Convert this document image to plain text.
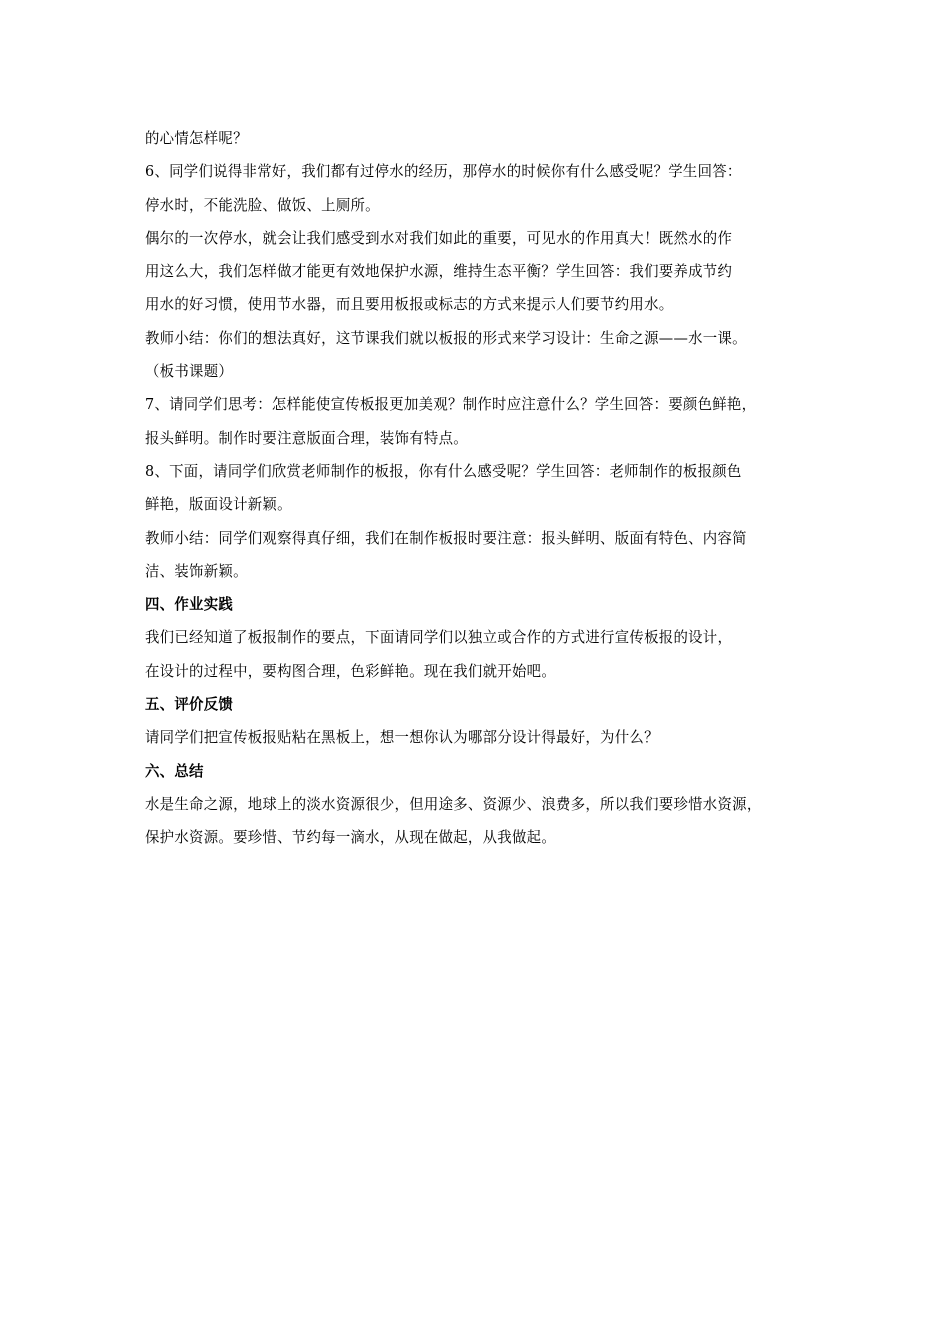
的心情怎样呢？
6、同学们说得非常好，我们都有过停水的经历，那停水的时候你有什么感受呢？学生回答：
停水时，不能洗脸、做饭、上厕所。
偶尔的一次停水，就会让我们感受到水对我们如此的重要，可见水的作用真大！既然水的作
用这么大，我们怎样做才能更有效地保护水源，维持生态平衡？学生回答：我们要养成节约
用水的好习惯，使用节水器，而且要用板报或标志的方式来提示人们要节约用水。
教师小结：你们的想法真好，这节课我们就以板报的形式来学习设计：生命之源——水一课。
（板书课题）
7、请同学们思考：怎样能使宣传板报更加美观？制作时应注意什么？学生回答：要颜色鲜艳，
报头鲜明。制作时要注意版面合理，装饰有特点。
8、下面，请同学们欣赏老师制作的板报，你有什么感受呢？学生回答：老师制作的板报颜色
鲜艳，版面设计新颖。
教师小结：同学们观察得真仔细，我们在制作板报时要注意：报头鲜明、版面有特色、内容简
洁、装饰新颖。
四、作业实践
我们已经知道了板报制作的要点，下面请同学们以独立或合作的方式进行宣传板报的设计，
在设计的过程中，要构图合理，色彩鲜艳。现在我们就开始吧。
五、评价反馈
请同学们把宣传板报贴粘在黑板上，想一想你认为哪部分设计得最好，为什么？
六、总结
水是生命之源，地球上的淡水资源很少，但用途多、资源少、浪费多，所以我们要珍惜水资源，
保护水资源。要珍惜、节约每一滴水，从现在做起，从我做起。
